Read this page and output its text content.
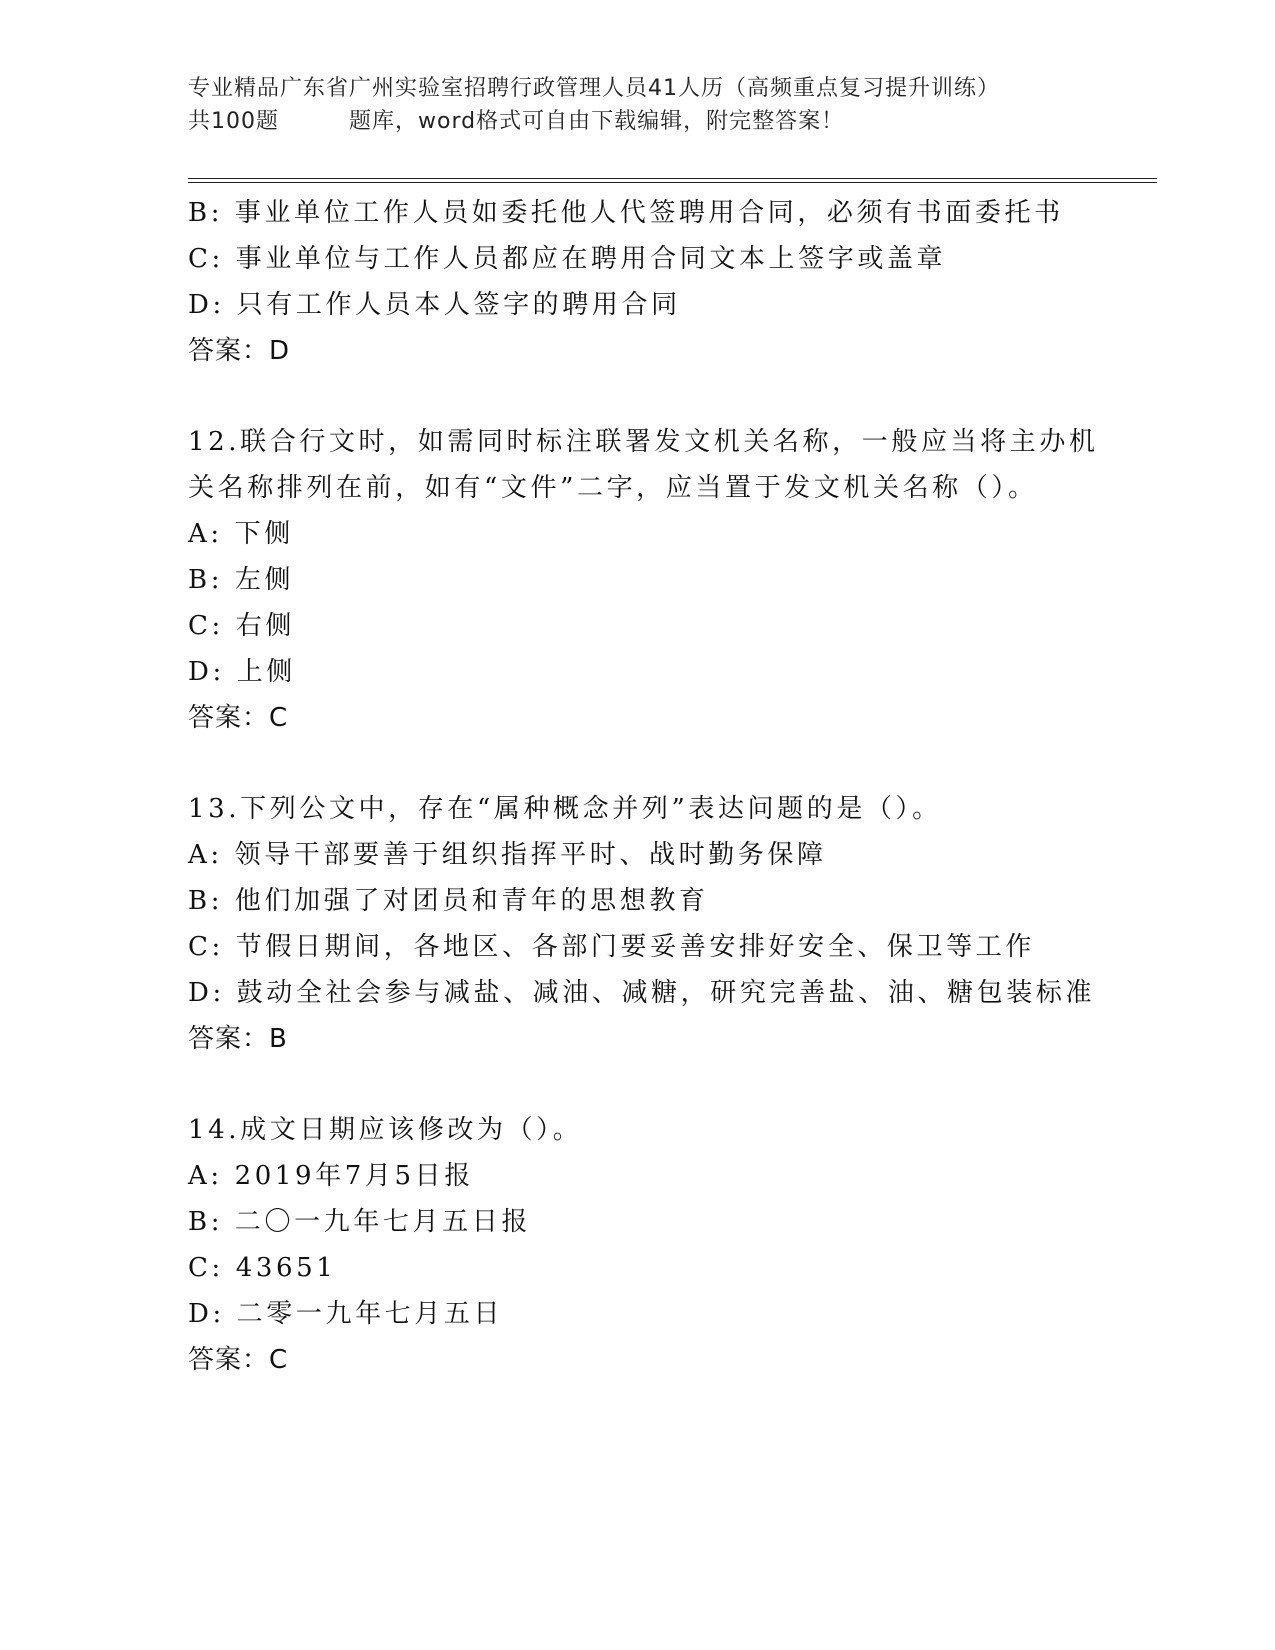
专业精品广东省广州实验室招聘行政管理人员41人历（高频重点复习提升训练）
共100题	题库，word格式可自由下载编辑，附完整答案！
B: 事业单位工作人员如委托他人代签聘用合同，必须有书面委托书
C: 事业单位与工作人员都应在聘用合同文本上签字或盖章
D: 只有工作人员本人签字的聘用合同
答案：D
12.联合行文时，如需同时标注联署发文机关名称，一般应当将主办机
关名称排列在前，如有“文件”二字，应当置于发文机关名称（）。
A: 下侧
B: 左侧
C: 右侧
D: 上侧
答案：C
13.下列公文中，存在“属种概念并列”表达问题的是（）。
A: 领导干部要善于组织指挥平时、战时勤务保障
B: 他们加强了对团员和青年的思想教育
C: 节假日期间，各地区、各部门要妥善安排好安全、保卫等工作
D: 鼓动全社会参与减盐、减油、减糖，研究完善盐、油、糖包装标准
答案：B
14.成文日期应该修改为（）。
A: 2019年7月5日报
B: 二〇一九年七月五日报
C: 43651
D: 二零一九年七月五日
答案：C
